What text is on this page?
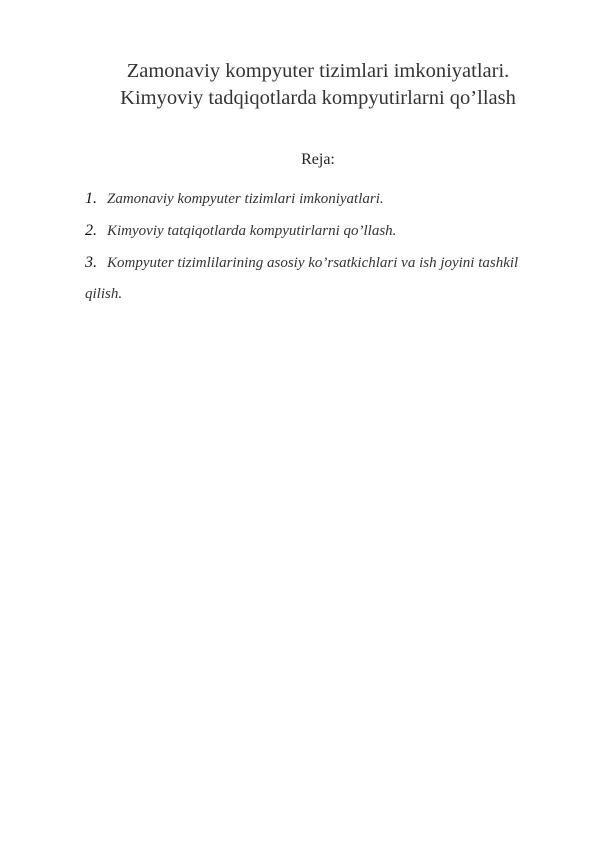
Zamonaviy kompyuter tizimlari imkoniyatlari.
Kimyoviy tadqiqotlarda kompyutirlarni qo’llash
Reja:
1. Zamonaviy kompyuter tizimlari imkoniyatlari.
2. Kimyoviy tatqiqotlarda kompyutirlarni qo’llash.
3. Kompyuter tizimlilarining asosiy ko’rsatkichlari va ish joyini tashkil qilish.
